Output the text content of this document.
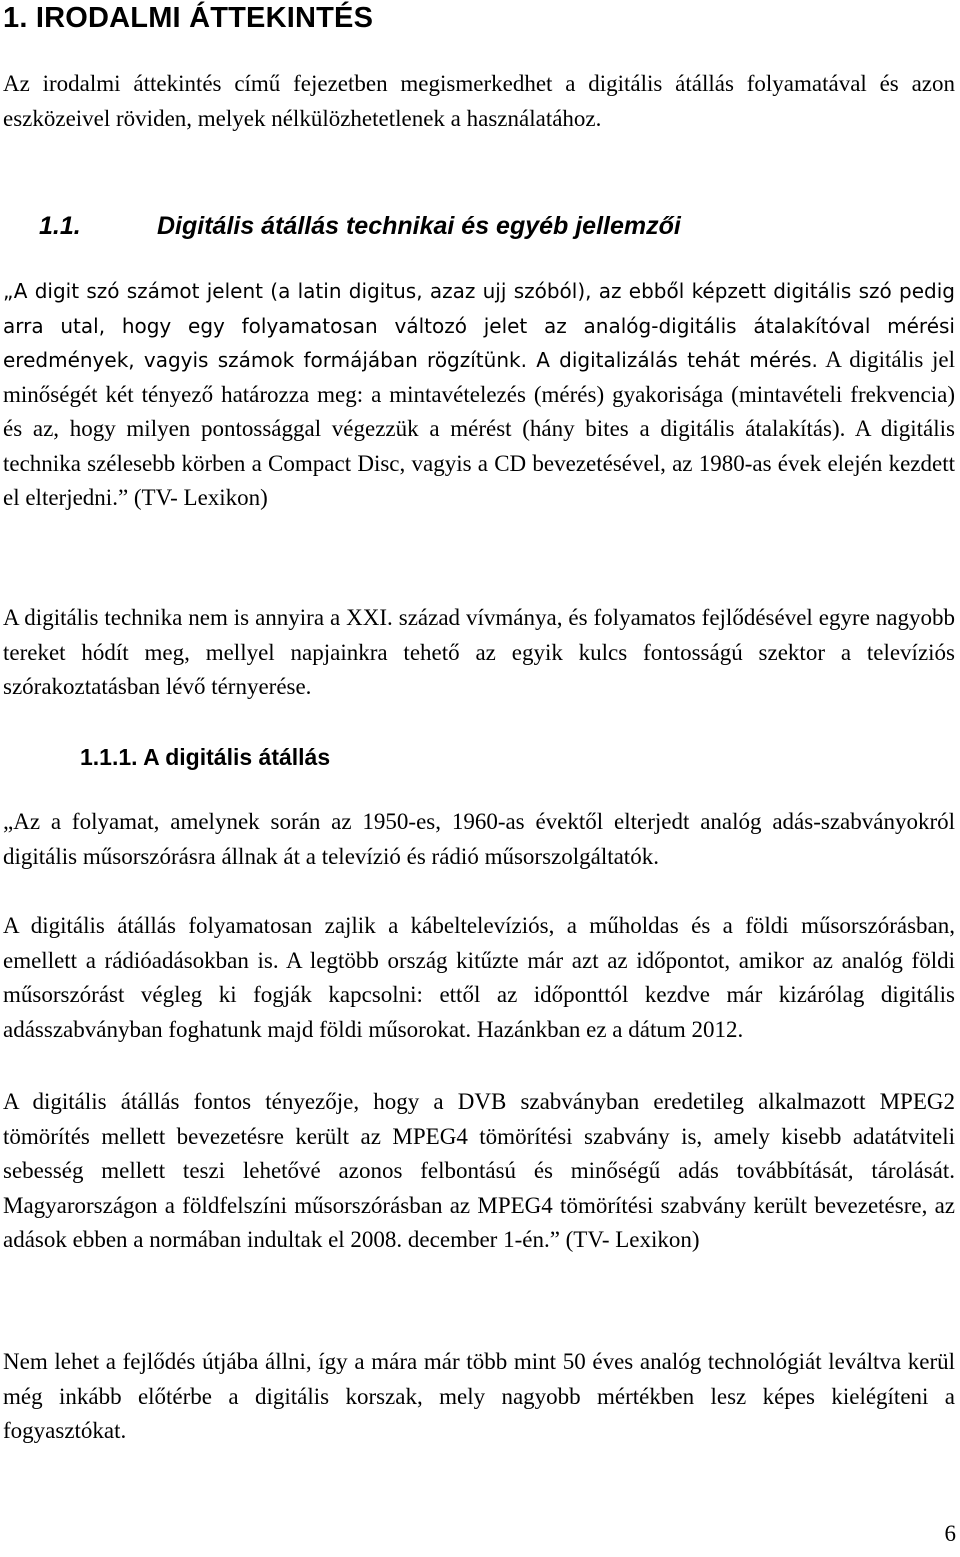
1. IRODALMI ÁTTEKINTÉS

Az irodalmi áttekintés című fejezetben megismerkedhet a digitális átállás folyamatával és azon eszközeivel röviden, melyek nélkülözhetetlenek a használatához.

1.1.	Digitális átállás technikai és egyéb jellemzői

„A digit szó számot jelent (a latin digitus, azaz ujj szóból), az ebből képzett digitális szó pedig arra utal, hogy egy folyamatosan változó jelet az analóg-digitális átalakítóval mérési eredmények, vagyis számok formájában rögzítünk. A digitalizálás tehát mérés. A digitális jel minőségét két tényező határozza meg: a mintavételezés (mérés) gyakorisága (mintavételi frekvencia) és az, hogy milyen pontossággal végezzük a mérést (hány bites a digitális átalakítás). A digitális technika szélesebb körben a Compact Disc, vagyis a CD bevezetésével, az 1980-as évek elején kezdett el elterjedni.” (TV- Lexikon)

A digitális technika nem is annyira a XXI. század vívmánya, és folyamatos fejlődésével egyre nagyobb tereket hódít meg, mellyel napjainkra tehető az egyik kulcs fontosságú szektor a televíziós szórakoztatásban lévő térnyerése.

1.1.1. A digitális átállás

„Az a folyamat, amelynek során az 1950-es, 1960-as évektől elterjedt analóg adás-szabványokról digitális műsorszórásra állnak át a televízió és rádió műsorszolgáltatók.

A digitális átállás folyamatosan zajlik a kábeltelevíziós, a műholdas és a földi műsorszórásban, emellett a rádióadásokban is. A legtöbb ország kitűzte már azt az időpontot, amikor az analóg földi műsorszórást végleg ki fogják kapcsolni: ettől az időponttól kezdve már kizárólag digitális adásszabványban foghatunk majd földi műsorokat. Hazánkban ez a dátum 2012.

A digitális átállás fontos tényezője, hogy a DVB szabványban eredetileg alkalmazott MPEG2 tömörítés mellett bevezetésre került az MPEG4 tömörítési szabvány is, amely kisebb adatátviteli sebesség mellett teszi lehetővé azonos felbontású és minőségű adás továbbítását, tárolását. Magyarországon a földfelszíni műsorszórásban az MPEG4 tömörítési szabvány került bevezetésre, az adások ebben a normában indultak el 2008. december 1-én.” (TV- Lexikon)

Nem lehet a fejlődés útjába állni, így a mára már több mint 50 éves analóg technológiát leváltva kerül még inkább előtérbe a digitális korszak, mely nagyobb mértékben lesz képes kielégíteni a fogyasztókat.

6
